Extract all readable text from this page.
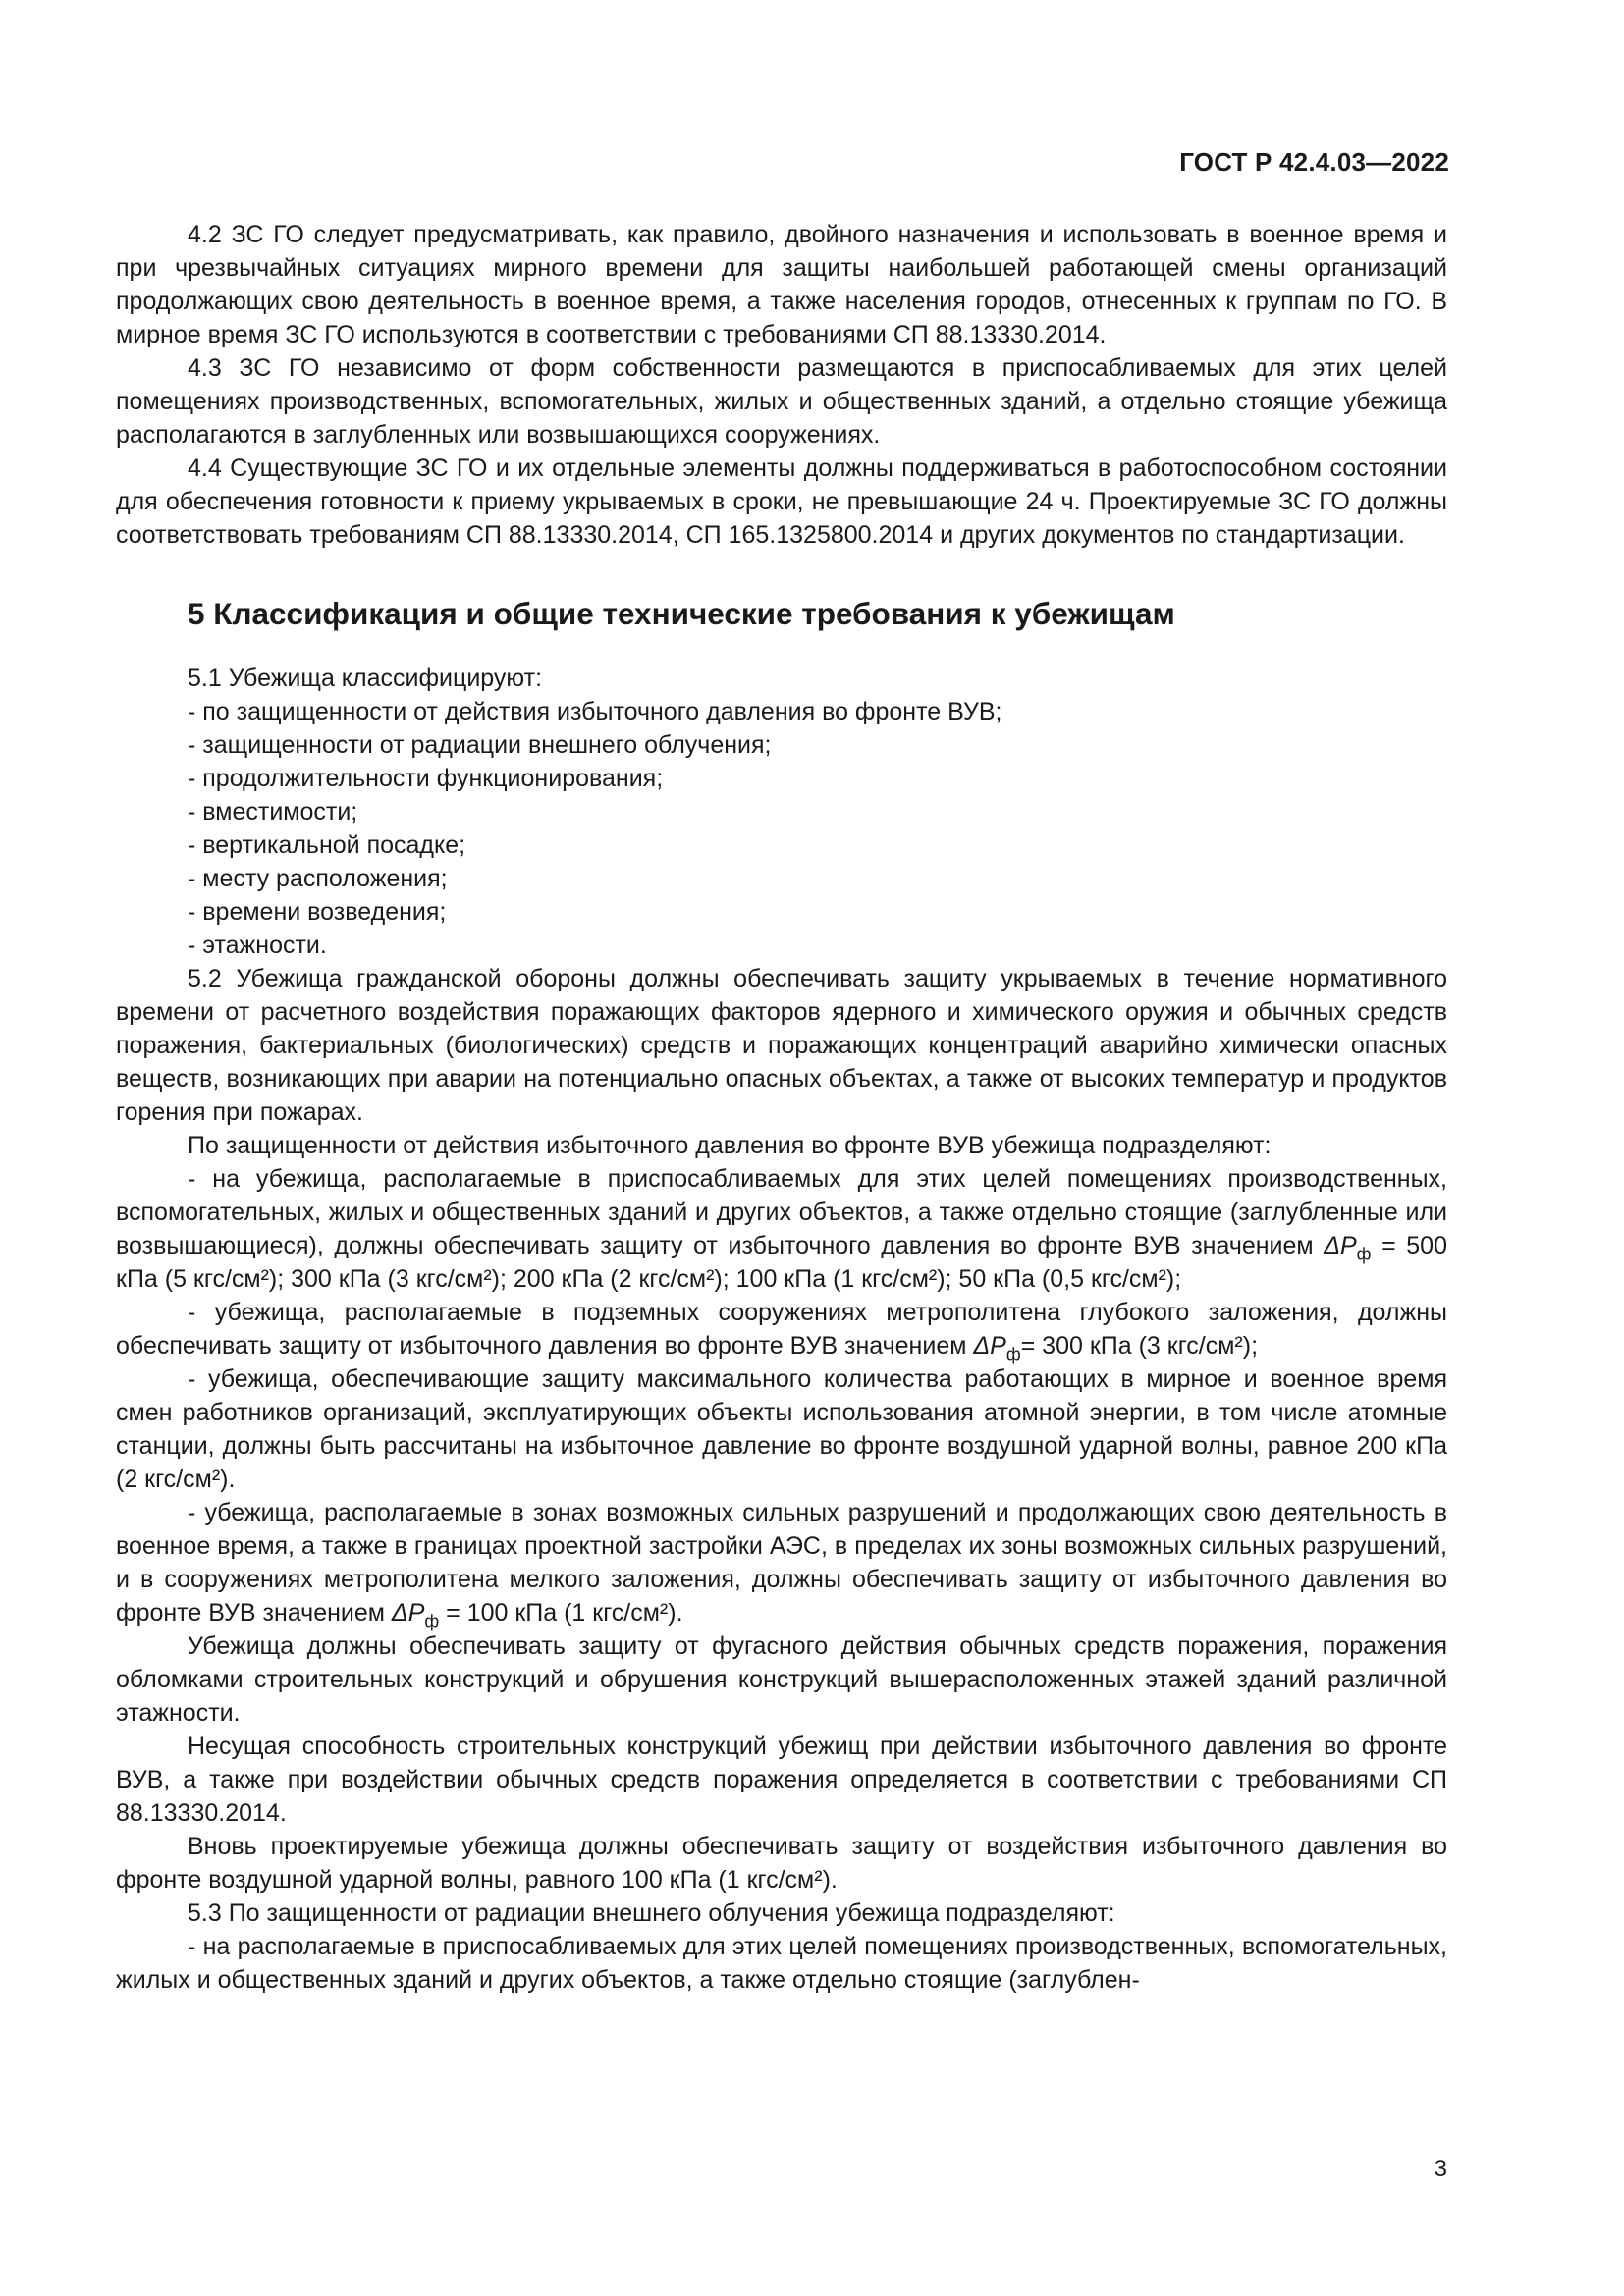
ГОСТ Р 42.4.03—2022

4.2 ЗС ГО следует предусматривать, как правило, двойного назначения и использовать в военное время и при чрезвычайных ситуациях мирного времени для защиты наибольшей работающей смены организаций продолжающих свою деятельность в военное время, а также населения городов, отнесенных к группам по ГО. В мирное время ЗС ГО используются в соответствии с требованиями СП 88.13330.2014.

4.3 ЗС ГО независимо от форм собственности размещаются в приспосабливаемых для этих целей помещениях производственных, вспомогательных, жилых и общественных зданий, а отдельно стоящие убежища располагаются в заглубленных или возвышающихся сооружениях.

4.4 Существующие ЗС ГО и их отдельные элементы должны поддерживаться в работоспособном состоянии для обеспечения готовности к приему укрываемых в сроки, не превышающие 24 ч. Проектируемые ЗС ГО должны соответствовать требованиям СП 88.13330.2014, СП 165.1325800.2014 и других документов по стандартизации.

5 Классификация и общие технические требования к убежищам

5.1 Убежища классифицируют:

- по защищенности от действия избыточного давления во фронте ВУВ;

- защищенности от радиации внешнего облучения;

- продолжительности функционирования;

- вместимости;

- вертикальной посадке;

- месту расположения;

- времени возведения;

- этажности.

5.2 Убежища гражданской обороны должны обеспечивать защиту укрываемых в течение нормативного времени от расчетного воздействия поражающих факторов ядерного и химического оружия и обычных средств поражения, бактериальных (биологических) средств и поражающих концентраций аварийно химически опасных веществ, возникающих при аварии на потенциально опасных объектах, а также от высоких температур и продуктов горения при пожарах.

По защищенности от действия избыточного давления во фронте ВУВ убежища подразделяют:

- на убежища, располагаемые в приспосабливаемых для этих целей помещениях производственных, вспомогательных, жилых и общественных зданий и других объектов, а также отдельно стоящие (заглубленные или возвышающиеся), должны обеспечивать защиту от избыточного давления во фронте ВУВ значением $\Delta P_ф = 500$ кПа (5 кгс/см²); 300 кПа (3 кгс/см²); 200 кПа (2 кгс/см²); 100 кПа (1 кгс/см²); 50 кПа (0,5 кгс/см²);

- убежища, располагаемые в подземных сооружениях метрополитена глубокого заложения, должны обеспечивать защиту от избыточного давления во фронте ВУВ значением $\Delta P_ф= 300$ кПа (3 кгс/см²);

- убежища, обеспечивающие защиту максимального количества работающих в мирное и военное время смен работников организаций, эксплуатирующих объекты использования атомной энергии, в том числе атомные станции, должны быть рассчитаны на избыточное давление во фронте воздушной ударной волны, равное 200 кПа (2 кгс/см²).

- убежища, располагаемые в зонах возможных сильных разрушений и продолжающих свою деятельность в военное время, а также в границах проектной застройки АЭС, в пределах их зоны возможных сильных разрушений, и в сооружениях метрополитена мелкого заложения, должны обеспечивать защиту от избыточного давления во фронте ВУВ значением $\Delta P_ф = 100$ кПа (1 кгс/см²).

Убежища должны обеспечивать защиту от фугасного действия обычных средств поражения, поражения обломками строительных конструкций и обрушения конструкций вышерасположенных этажей зданий различной этажности.

Несущая способность строительных конструкций убежищ при действии избыточного давления во фронте ВУВ, а также при воздействии обычных средств поражения определяется в соответствии с требованиями СП 88.13330.2014.

Вновь проектируемые убежища должны обеспечивать защиту от воздействия избыточного давления во фронте воздушной ударной волны, равного 100 кПа (1 кгс/см²).

5.3 По защищенности от радиации внешнего облучения убежища подразделяют:

- на располагаемые в приспосабливаемых для этих целей помещениях производственных, вспомогательных, жилых и общественных зданий и других объектов, а также отдельно стоящие (заглублен-

3
